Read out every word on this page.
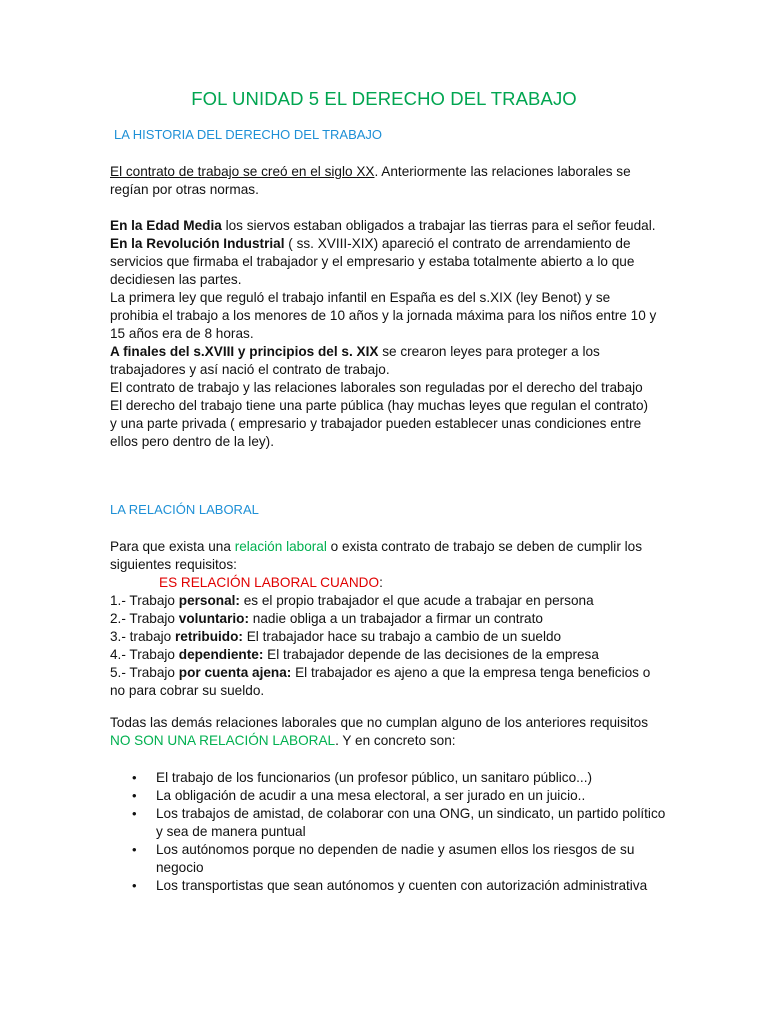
FOL UNIDAD 5 EL DERECHO DEL TRABAJO
LA HISTORIA DEL DERECHO DEL TRABAJO
El contrato de trabajo se creó en el siglo XX. Anteriormente las relaciones laborales se regían por otras normas.
En la Edad Media los siervos estaban obligados a trabajar las tierras para el señor feudal.
En la Revolución Industrial ( ss. XVIII-XIX) apareció el contrato de arrendamiento de servicios que firmaba el trabajador y el empresario y estaba totalmente abierto a lo que decidiesen las partes.
La primera ley que reguló el trabajo infantil en España es del s.XIX (ley Benot) y se prohibia el trabajo a los menores de 10 años y la jornada máxima para los niños entre 10 y 15 años era de 8 horas.
A finales del s.XVIII y principios del s. XIX se crearon leyes para proteger a los trabajadores y así nació el contrato de trabajo.
El contrato de trabajo y las relaciones laborales son reguladas por el derecho del trabajo
El derecho del trabajo tiene una parte pública (hay muchas leyes que regulan el contrato) y una parte privada ( empresario y trabajador pueden establecer unas condiciones entre ellos pero dentro de la ley).
LA RELACIÓN LABORAL
Para que exista una relación laboral o exista contrato de trabajo se deben de cumplir los siguientes requisitos:
ES RELACIÓN LABORAL CUANDO:
1.- Trabajo personal: es el propio trabajador el que acude a trabajar en persona
2.- Trabajo voluntario: nadie obliga a un trabajador a firmar un contrato
3.- trabajo retribuido: El trabajador hace su trabajo a cambio de un sueldo
4.- Trabajo dependiente: El trabajador depende de las decisiones de la empresa
5.- Trabajo por cuenta ajena: El trabajador es ajeno a que la empresa tenga beneficios o no para cobrar su sueldo.
Todas las demás relaciones laborales que no cumplan alguno de los anteriores requisitos NO SON UNA RELACIÓN LABORAL. Y en concreto son:
• El trabajo de los funcionarios (un profesor público, un sanitaro público...)
• La obligación de acudir a una mesa electoral, a ser jurado en un juicio..
• Los trabajos de amistad, de colaborar con una ONG, un sindicato, un partido político y sea de manera puntual
• Los autónomos porque no dependen de nadie y asumen ellos los riesgos de su negocio
• Los transportistas que sean autónomos y cuenten con autorización administrativa
